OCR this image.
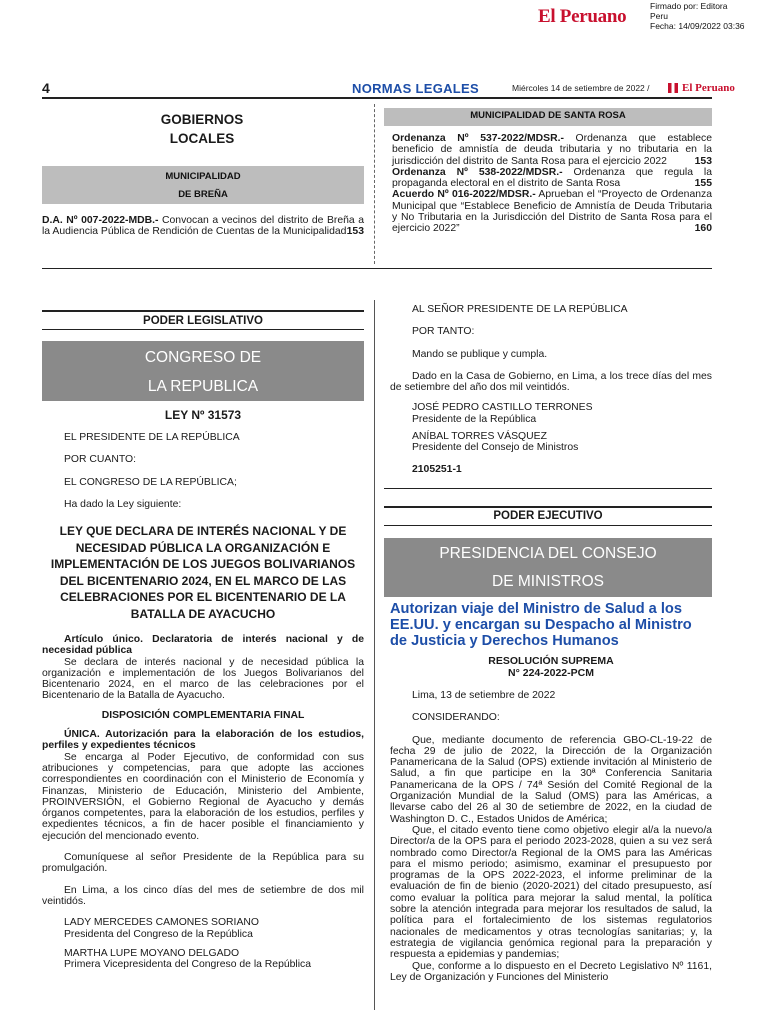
El Peruano	Firmado por: Editora
Peru
Fecha: 14/09/2022 03:36
4	NORMAS LEGALES	Miércoles 14 de setiembre de 2022 /	El Peruano
GOBIERNOS
LOCALES
MUNICIPALIDAD
DE BREÑA
D.A. Nº 007-2022-MDB.- Convocan a vecinos del distrito de Breña a la Audiencia Pública de Rendición de Cuentas de la Municipalidad 153
MUNICIPALIDAD DE SANTA ROSA
Ordenanza Nº 537-2022/MDSR.- Ordenanza que establece beneficio de amnistía de deuda tributaria y no tributaria en la jurisdicción del distrito de Santa Rosa para el ejercicio 2022	153
Ordenanza Nº 538-2022/MDSR.- Ordenanza que regula la propaganda electoral en el distrito de Santa Rosa	155
Acuerdo Nº 016-2022/MDSR.- Aprueban el “Proyecto de Ordenanza Municipal que “Establece Beneficio de Amnistía de Deuda Tributaria y No Tributaria en la Jurisdicción del Distrito de Santa Rosa para el ejercicio 2022”	160
PODER LEGISLATIVO
CONGRESO DE
LA REPUBLICA
LEY Nº 31573
EL PRESIDENTE DE LA REPÚBLICA
POR CUANTO:
EL CONGRESO DE LA REPÚBLICA;
Ha dado la Ley siguiente:
LEY QUE DECLARA DE INTERÉS NACIONAL Y DE NECESIDAD PÚBLICA LA ORGANIZACIÓN E IMPLEMENTACIÓN DE LOS JUEGOS BOLIVARIANOS DEL BICENTENARIO 2024, EN EL MARCO DE LAS CELEBRACIONES POR EL BICENTENARIO DE LA BATALLA DE AYACUCHO
Artículo único. Declaratoria de interés nacional y de necesidad pública
Se declara de interés nacional y de necesidad pública la organización e implementación de los Juegos Bolivarianos del Bicentenario 2024, en el marco de las celebraciones por el Bicentenario de la Batalla de Ayacucho.
DISPOSICIÓN COMPLEMENTARIA FINAL
ÚNICA. Autorización para la elaboración de los estudios, perfiles y expedientes técnicos
Se encarga al Poder Ejecutivo, de conformidad con sus atribuciones y competencias, para que adopte las acciones correspondientes en coordinación con el Ministerio de Economía y Finanzas, Ministerio de Educación, Ministerio del Ambiente, PROINVERSIÓN, el Gobierno Regional de Ayacucho y demás órganos competentes, para la elaboración de los estudios, perfiles y expedientes técnicos, a fin de hacer posible el financiamiento y ejecución del mencionado evento.
Comuníquese al señor Presidente de la República para su promulgación.
En Lima, a los cinco días del mes de setiembre de dos mil veintidós.
LADY MERCEDES CAMONES SORIANO
Presidenta del Congreso de la República
MARTHA LUPE MOYANO DELGADO
Primera Vicepresidenta del Congreso de la República
AL SEÑOR PRESIDENTE DE LA REPÚBLICA
POR TANTO:
Mando se publique y cumpla.
Dado en la Casa de Gobierno, en Lima, a los trece días del mes de setiembre del año dos mil veintidós.
JOSÉ PEDRO CASTILLO TERRONES
Presidente de la República
ANÍBAL TORRES VÁSQUEZ
Presidente del Consejo de Ministros
2105251-1
PODER EJECUTIVO
PRESIDENCIA DEL CONSEJO
DE MINISTROS
Autorizan viaje del Ministro de Salud a los EE.UU. y encargan su Despacho al Ministro de Justicia y Derechos Humanos
RESOLUCIÓN SUPREMA
N° 224-2022-PCM
Lima, 13 de setiembre de 2022
CONSIDERANDO:
Que, mediante documento de referencia GBO-CL-19-22 de fecha 29 de julio de 2022, la Dirección de la Organización Panamericana de la Salud (OPS) extiende invitación al Ministerio de Salud, a fin que participe en la 30ª Conferencia Sanitaria Panamericana de la OPS / 74ª Sesión del Comité Regional de la Organización Mundial de la Salud (OMS) para las Américas, a llevarse cabo del 26 al 30 de setiembre de 2022, en la ciudad de Washington D. C., Estados Unidos de América;
Que, el citado evento tiene como objetivo elegir al/a la nuevo/a Director/a de la OPS para el periodo 2023-2028, quien a su vez será nombrado como Director/a Regional de la OMS para las Américas para el mismo periodo; asimismo, examinar el presupuesto por programas de la OPS 2022-2023, el informe preliminar de la evaluación de fin de bienio (2020-2021) del citado presupuesto, así como evaluar la política para mejorar la salud mental, la política sobre la atención integrada para mejorar los resultados de salud, la política para el fortalecimiento de los sistemas regulatorios nacionales de medicamentos y otras tecnologías sanitarias; y, la estrategia de vigilancia genómica regional para la preparación y respuesta a epidemias y pandemias;
Que, conforme a lo dispuesto en el Decreto Legislativo Nº 1161, Ley de Organización y Funciones del Ministerio
